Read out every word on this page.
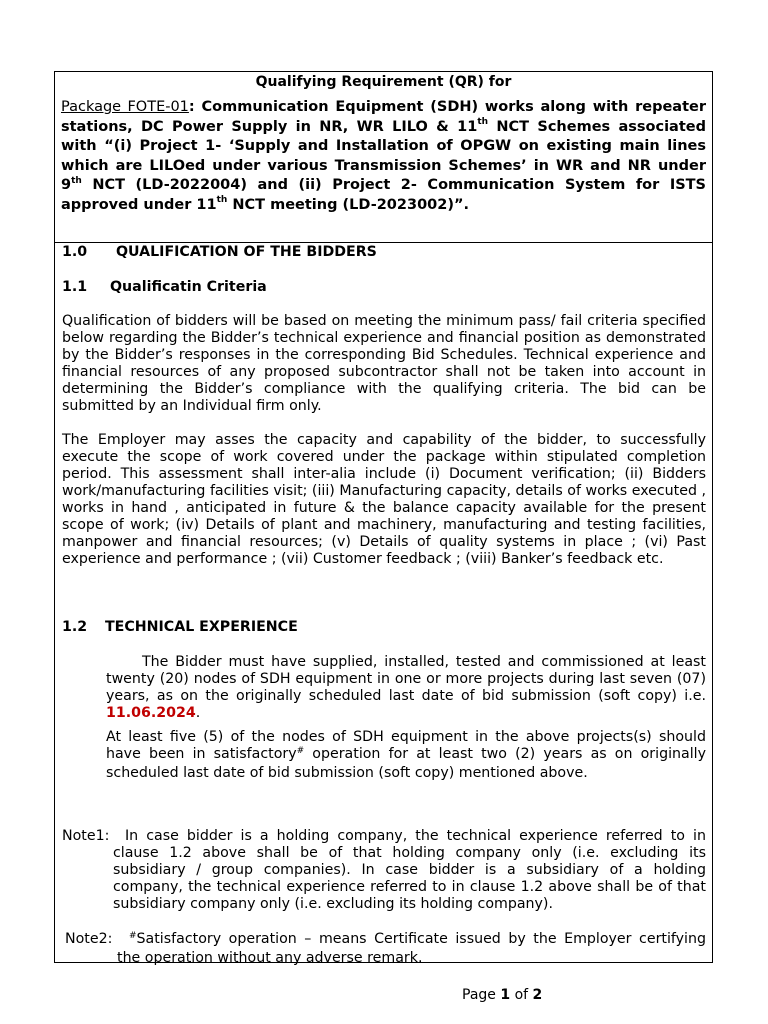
Qualifying Requirement (QR) for
Package FOTE-01: Communication Equipment (SDH) works along with repeater stations, DC Power Supply in NR, WR LILO & 11th NCT Schemes associated with “(i) Project 1- ‘Supply and Installation of OPGW on existing main lines which are LILOed under various Transmission Schemes’ in WR and NR under 9th NCT (LD-2022004) and (ii) Project 2- Communication System for ISTS approved under 11th NCT meeting (LD-2023002)”.
1.0 QUALIFICATION OF THE BIDDERS
1.1 Qualificatin Criteria
Qualification of bidders will be based on meeting the minimum pass/ fail criteria specified below regarding the Bidder’s technical experience and financial position as demonstrated by the Bidder’s responses in the corresponding Bid Schedules. Technical experience and financial resources of any proposed subcontractor shall not be taken into account in determining the Bidder’s compliance with the qualifying criteria. The bid can be submitted by an Individual firm only.
The Employer may asses the capacity and capability of the bidder, to successfully execute the scope of work covered under the package within stipulated completion period. This assessment shall inter-alia include (i) Document verification; (ii) Bidders work/manufacturing facilities visit; (iii) Manufacturing capacity, details of works executed , works in hand , anticipated in future & the balance capacity available for the present scope of work; (iv) Details of plant and machinery, manufacturing and testing facilities, manpower and financial resources; (v) Details of quality systems in place ; (vi) Past experience and performance ; (vii) Customer feedback ; (viii) Banker’s feedback etc.
1.2 TECHNICAL EXPERIENCE
The Bidder must have supplied, installed, tested and commissioned at least twenty (20) nodes of SDH equipment in one or more projects during last seven (07) years, as on the originally scheduled last date of bid submission (soft copy) i.e. 11.06.2024.
At least five (5) of the nodes of SDH equipment in the above projects(s) should have been in satisfactory# operation for at least two (2) years as on originally scheduled last date of bid submission (soft copy) mentioned above.
Note1:	In case bidder is a holding company, the technical experience referred to in clause 1.2 above shall be of that holding company only (i.e. excluding its subsidiary / group companies). In case bidder is a subsidiary of a holding company, the technical experience referred to in clause 1.2 above shall be of that subsidiary company only (i.e. excluding its holding company).
Note2:	#Satisfactory operation – means Certificate issued by the Employer certifying the operation without any adverse remark.
Page 1 of 2
